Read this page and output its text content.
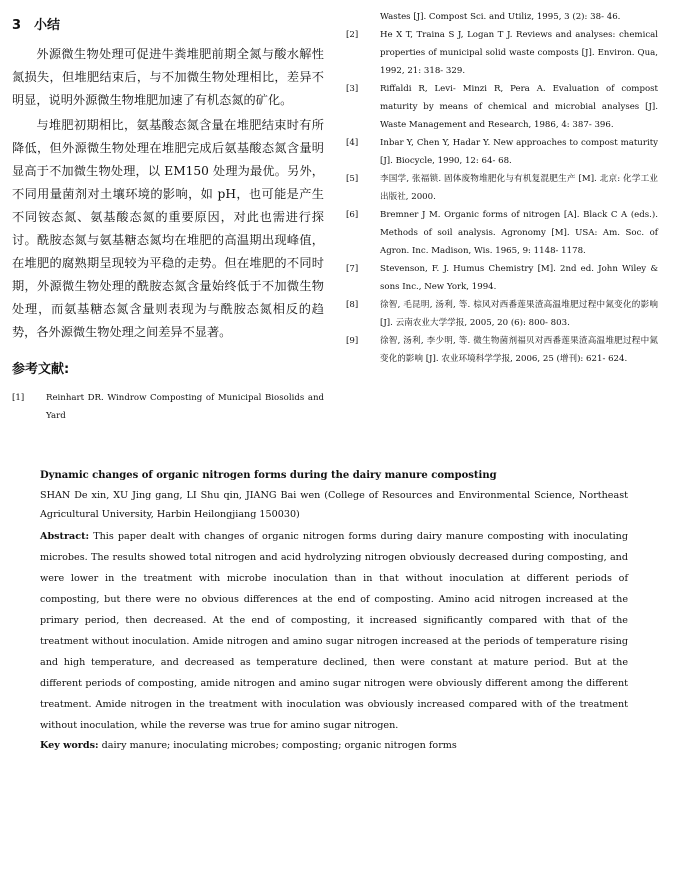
3　小结

外源微生物处理可促进牛粪堆肥前期全氮与酸水解性氮损失，但堆肥结束后，与不加微生物处理相比，差异不明显，说明外源微生物堆肥加速了有机态氮的矿化。

与堆肥初期相比，氨基酸态氮含量在堆肥结束时有所降低，但外源微生物处理在堆肥完成后氨基酸态氮含量明显高于不加微生物处理，以 EM150 处理为最优。另外，不同用量菌剂对土壤环境的影响，如 pH，也可能是产生不同铵态氮、氨基酸态氮的重要原因，对此也需进行探讨。酰胺态氮与氨基糖态氮均在堆肥的高温期出现峰值，在堆肥的腐熟期呈现较为平稳的走势。但在堆肥的不同时期，外源微生物处理的酰胺态氮含量始终低于不加微生物处理，而氨基糖态氮含量则表现为与酰胺态氮相反的趋势，各外源微生物处理之间差异不显著。

参考文献:
[1]	Reinhart DR. Windrow Composting of Municipal Biosolids and Yard
Wastes [J]. Compost Sci. and Utiliz, 1995, 3 (2): 38- 46.
[2]	He X T, Traina S J, Logan T J. Reviews and analyses: chemical properties of municipal solid waste composts [J]. Environ. Qua, 1992, 21: 318- 329.
[3]	Riffaldi R, Levi- Minzi R, Pera A. Evaluation of compost maturity by means of chemical and microbial analyses [J]. Waste Management and Research, 1986, 4: 387- 396.
[4]	Inbar Y, Chen Y, Hadar Y. New approaches to compost maturity [J]. Biocycle, 1990, 12: 64- 68.
[5]	李国学, 张福锁. 固体废物堆肥化与有机复混肥生产 [M]. 北京: 化学工业出版社, 2000.
[6]	Bremner J M. Organic forms of nitrogen [A]. Black C A (eds.). Methods of soil analysis. Agronomy [M]. USA: Am. Soc. of Agron. Inc. Madison, Wis. 1965, 9: 1148- 1178.
[7]	Stevenson, F. J. Humus Chemistry [M]. 2nd ed. John Wiley & sons Inc., New York, 1994.
[8]	徐智, 毛昆明, 汤利, 等. 棕风对西番莲果渣高温堆肥过程中氮变化的影响 [J]. 云南农业大学学报, 2005, 20 (6): 800- 803.
[9]	徐智, 汤利, 李少明, 等. 微生物菌剂福贝对西番莲果渣高温堆肥过程中氮变化的影响 [J]. 农业环境科学学报, 2006, 25 (增刊): 621- 624.

Dynamic changes of organic nitrogen forms during the dairy manure composting

SHAN De xin, XU Jing gang, LI Shu qin, JIANG Bai wen (College of Resources and Environmental Science, Northeast Agricultural University, Harbin Heilongjiang 150030)

Abstract: This paper dealt with changes of organic nitrogen forms during dairy manure composting with inoculating microbes. The results showed total nitrogen and acid hydrolyzing nitrogen obviously decreased during composting, and were lower in the treatment with microbe inoculation than in that without inoculation at different periods of composting, but there were no obvious differences at the end of composting. Amino acid nitrogen increased at the primary period, then decreased. At the end of composting, it increased significantly compared with that of the treatment without inoculation. Amide nitrogen and amino sugar nitrogen increased at the periods of temperature rising and high temperature, and decreased as temperature declined, then were constant at mature period. But at the different periods of composting, amide nitrogen and amino sugar nitrogen were obviously different among the different treatment. Amide nitrogen in the treatment with inoculation was obviously increased compared with of the treatment without inoculation, while the reverse was true for amino sugar nitrogen.

Key words: dairy manure; inoculating microbes; composting; organic nitrogen forms
